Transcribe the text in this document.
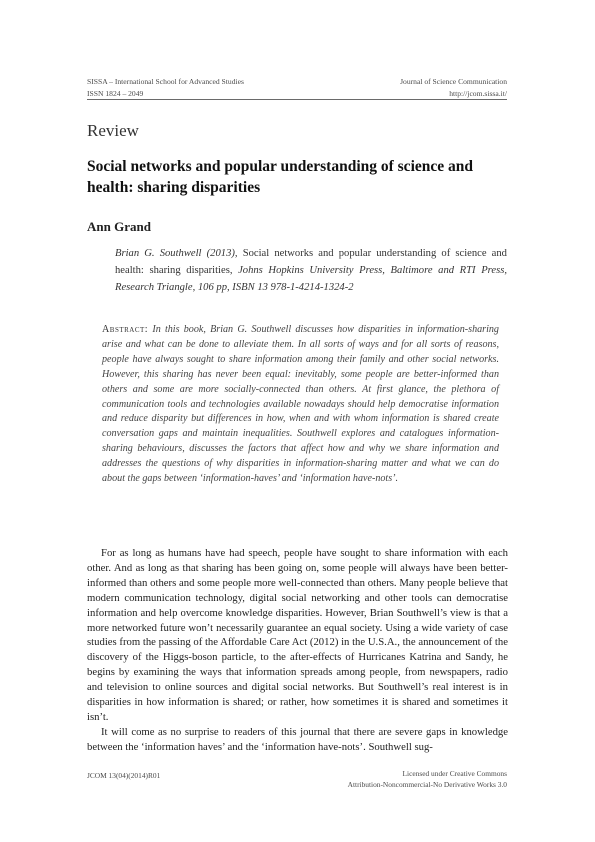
SISSA – International School for Advanced Studies
ISSN 1824 – 2049
Journal of Science Communication
http://jcom.sissa.it/
Review
Social networks and popular understanding of science and health: sharing disparities
Ann Grand
Brian G. Southwell (2013), Social networks and popular understanding of science and health: sharing disparities, Johns Hopkins University Press, Baltimore and RTI Press, Research Triangle, 106 pp, ISBN 13 978-1-4214-1324-2
Abstract: In this book, Brian G. Southwell discusses how disparities in information-sharing arise and what can be done to alleviate them. In all sorts of ways and for all sorts of reasons, people have always sought to share information among their family and other social networks. However, this sharing has never been equal: inevitably, some people are better-informed than others and some are more socially-connected than others. At first glance, the plethora of communication tools and technologies available nowadays should help democratise information and reduce disparity but differences in how, when and with whom information is shared create conversation gaps and maintain inequalities. Southwell explores and catalogues information-sharing behaviours, discusses the factors that affect how and why we share information and addresses the questions of why disparities in information-sharing matter and what we can do about the gaps between ‘information-haves’ and ‘information have-nots’.

For as long as humans have had speech, people have sought to share information with each other. And as long as that sharing has been going on, some people will always have been better-informed than others and some people more well-connected than others. Many people believe that modern communication technology, digital social networking and other tools can democratise information and help overcome knowledge disparities. However, Brian Southwell’s view is that a more networked future won’t necessarily guarantee an equal society. Using a wide variety of case studies from the passing of the Affordable Care Act (2012) in the U.S.A., the announcement of the discovery of the Higgs-boson particle, to the after-effects of Hurricanes Katrina and Sandy, he begins by examining the ways that information spreads among people, from newspapers, radio and television to online sources and digital social networks. But Southwell’s real interest is in disparities in how information is shared; or rather, how sometimes it is shared and sometimes it isn’t.

It will come as no surprise to readers of this journal that there are severe gaps in knowledge between the ‘information haves’ and the ‘information have-nots’. Southwell sug-

JCOM 13(04)(2014)R01	Licensed under Creative Commons
Attribution-Noncommercial-No Derivative Works 3.0
